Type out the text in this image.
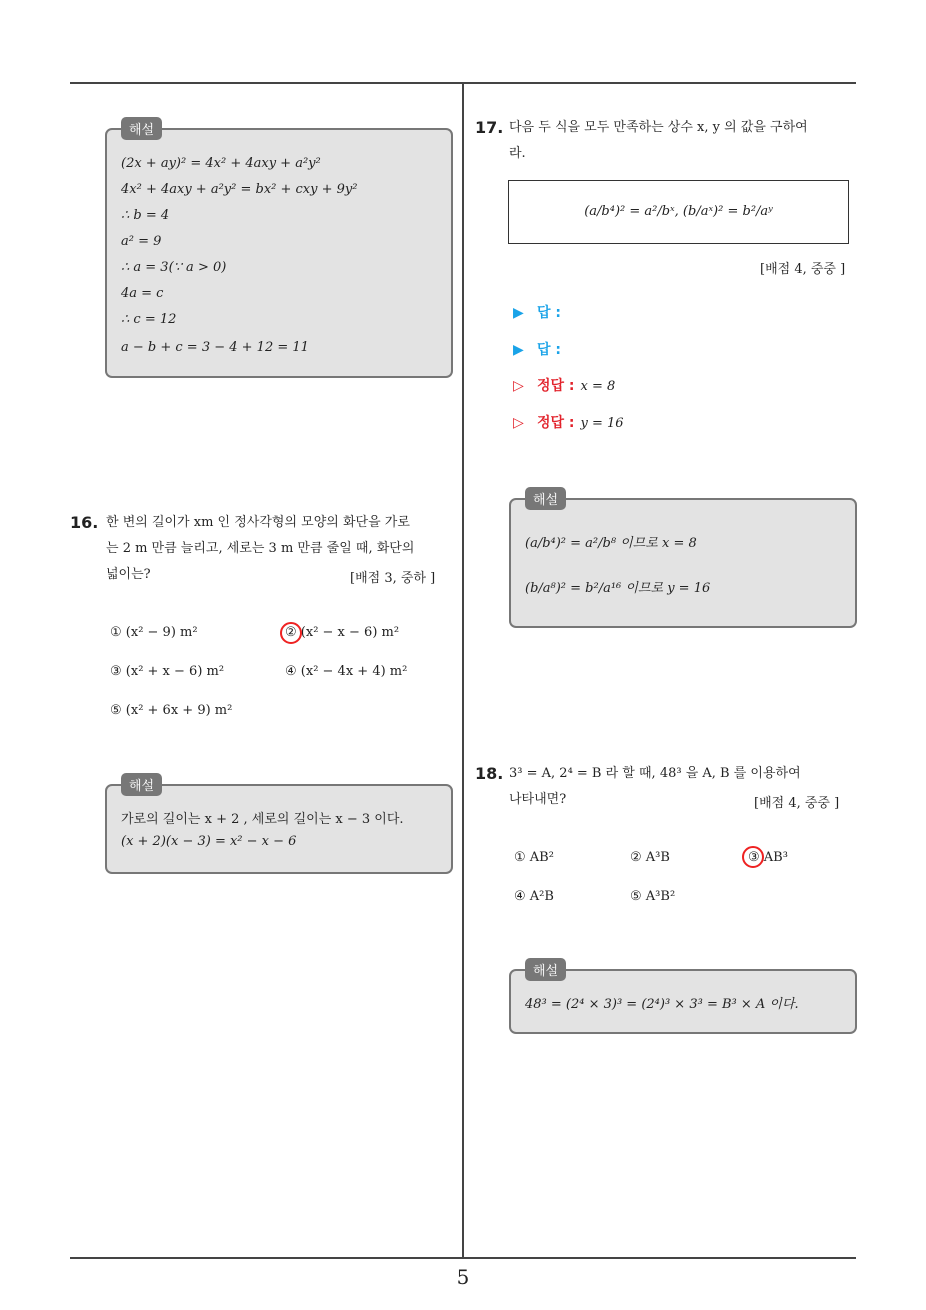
5
해설
(2x + ay)² = 4x² + 4axy + a²y²
4x² + 4axy + a²y² = bx² + cxy + 9y²
∴ b = 4
a² = 9
∴ a = 3(∵ a > 0)
4a = c
∴ c = 12
a − b + c = 3 − 4 + 12 = 11
16. 한 변의 길이가 xm 인 정사각형의 모양의 화단을 가로
는 2 m 만큼 늘리고, 세로는 3 m 만큼 줄일 때, 화단의
넓이는?	[배점 3, 중하 ]
① (x² − 9) m²	② (x² − x − 6) m²
③ (x² + x − 6) m²	④ (x² − 4x + 4) m²
⑤ (x² + 6x + 9) m²
해설
가로의 길이는 x + 2 , 세로의 길이는 x − 3 이다.
(x + 2)(x − 3) = x² − x − 6
17. 다음 두 식을 모두 만족하는 상수 x, y 의 값을 구하여
라.
(a/b⁴)² = a²/bˣ, (b/aˣ)² = b²/aʸ
[배점 4, 중중 ]
▶ 답 :
▶ 답 :
▷ 정답 : x = 8
▷ 정답 : y = 16
해설
(a/b⁴)² = a²/b⁸ 이므로 x = 8
(b/a⁸)² = b²/a¹⁶ 이므로 y = 16
18. 3³ = A, 2⁴ = B 라 할 때, 48³ 을 A, B 를 이용하여
나타내면?	[배점 4, 중중 ]
① AB²	② A³B	③ AB³
④ A²B	⑤ A³B²
해설
48³ = (2⁴ × 3)³ = (2⁴)³ × 3³ = B³ × A 이다.
